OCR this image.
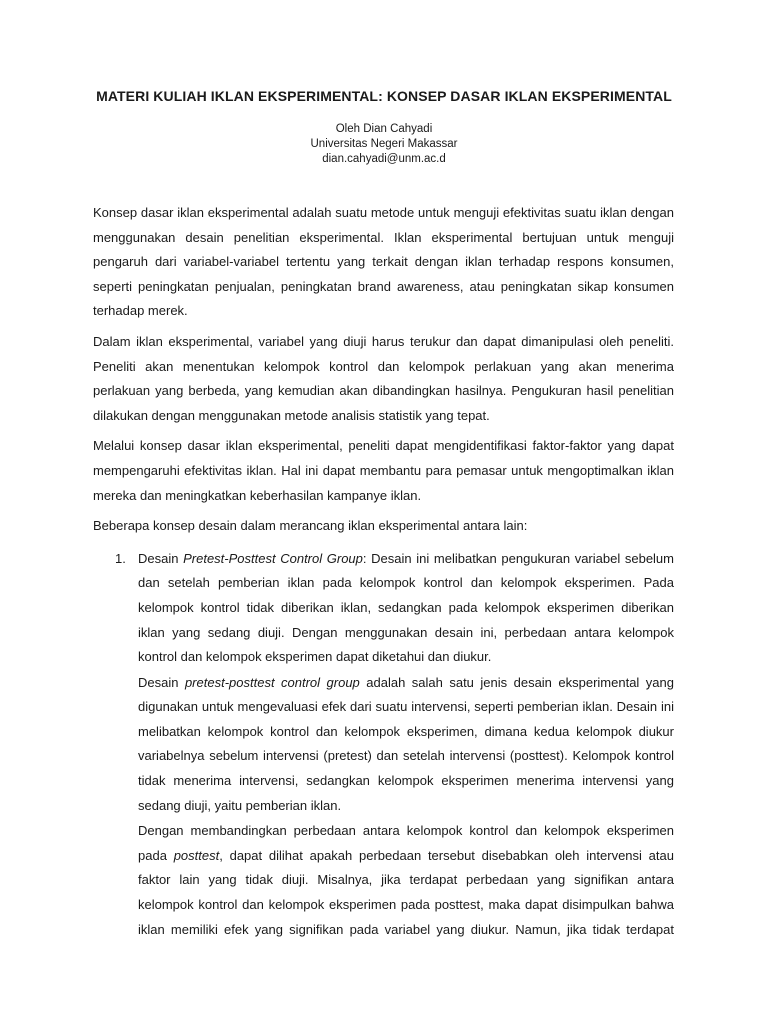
MATERI KULIAH IKLAN EKSPERIMENTAL: KONSEP DASAR IKLAN EKSPERIMENTAL
Oleh Dian Cahyadi
Universitas Negeri Makassar
dian.cahyadi@unm.ac.d

Konsep dasar iklan eksperimental adalah suatu metode untuk menguji efektivitas suatu iklan dengan menggunakan desain penelitian eksperimental. Iklan eksperimental bertujuan untuk menguji pengaruh dari variabel-variabel tertentu yang terkait dengan iklan terhadap respons konsumen, seperti peningkatan penjualan, peningkatan brand awareness, atau peningkatan sikap konsumen terhadap merek.

Dalam iklan eksperimental, variabel yang diuji harus terukur dan dapat dimanipulasi oleh peneliti. Peneliti akan menentukan kelompok kontrol dan kelompok perlakuan yang akan menerima perlakuan yang berbeda, yang kemudian akan dibandingkan hasilnya. Pengukuran hasil penelitian dilakukan dengan menggunakan metode analisis statistik yang tepat.

Melalui konsep dasar iklan eksperimental, peneliti dapat mengidentifikasi faktor-faktor yang dapat mempengaruhi efektivitas iklan. Hal ini dapat membantu para pemasar untuk mengoptimalkan iklan mereka dan meningkatkan keberhasilan kampanye iklan.

Beberapa konsep desain dalam merancang iklan eksperimental antara lain:

1. Desain Pretest-Posttest Control Group: Desain ini melibatkan pengukuran variabel sebelum dan setelah pemberian iklan pada kelompok kontrol dan kelompok eksperimen. Pada kelompok kontrol tidak diberikan iklan, sedangkan pada kelompok eksperimen diberikan iklan yang sedang diuji. Dengan menggunakan desain ini, perbedaan antara kelompok kontrol dan kelompok eksperimen dapat diketahui dan diukur.

Desain pretest-posttest control group adalah salah satu jenis desain eksperimental yang digunakan untuk mengevaluasi efek dari suatu intervensi, seperti pemberian iklan. Desain ini melibatkan kelompok kontrol dan kelompok eksperimen, dimana kedua kelompok diukur variabelnya sebelum intervensi (pretest) dan setelah intervensi (posttest). Kelompok kontrol tidak menerima intervensi, sedangkan kelompok eksperimen menerima intervensi yang sedang diuji, yaitu pemberian iklan.

Dengan membandingkan perbedaan antara kelompok kontrol dan kelompok eksperimen pada posttest, dapat dilihat apakah perbedaan tersebut disebabkan oleh intervensi atau faktor lain yang tidak diuji. Misalnya, jika terdapat perbedaan yang signifikan antara kelompok kontrol dan kelompok eksperimen pada posttest, maka dapat disimpulkan bahwa iklan memiliki efek yang signifikan pada variabel yang diukur. Namun, jika tidak terdapat
